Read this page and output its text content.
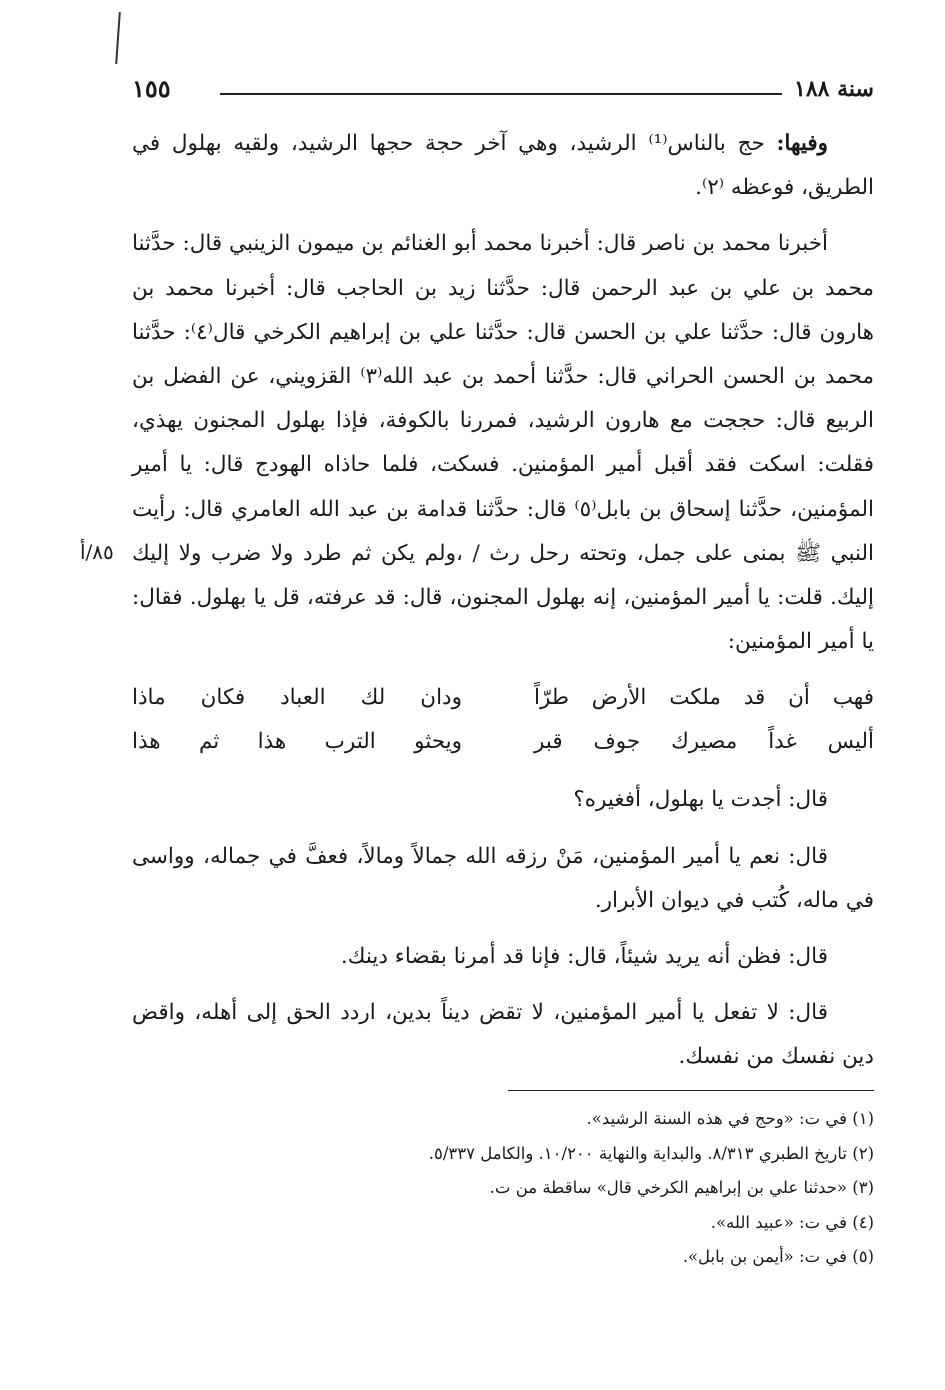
سنة ١٨٨
١٥٥
٨٥/أ

وفيها: حج بالناس⁽¹⁾ الرشيد، وهي آخر حجة حجها الرشيد، ولقيه بهلول في الطريق، فوعظه ⁽٢⁾.

أخبرنا محمد بن ناصر قال: أخبرنا محمد أبو الغنائم بن ميمون الزينبي قال: حدَّثنا محمد بن علي بن عبد الرحمن قال: حدَّثنا زيد بن الحاجب قال: أخبرنا محمد بن هارون قال: حدَّثنا علي بن الحسن قال: حدَّثنا علي بن إبراهيم الكرخي قال⁽٤⁾: حدَّثنا محمد بن الحسن الحراني قال: حدَّثنا أحمد بن عبد الله⁽٣⁾ القزويني، عن الفضل بن الربيع قال: حججت مع هارون الرشيد، فمررنا بالكوفة، فإذا بهلول المجنون يهذي، فقلت: اسكت فقد أقبل أمير المؤمنين. فسكت، فلما حاذاه الهودج قال: يا أمير المؤمنين، حدَّثنا إسحاق بن بابل⁽٥⁾ قال: حدَّثنا قدامة بن عبد الله العامري قال: رأيت النبي ﷺ بمنى على جمل، وتحته رحل رث / ،ولم يكن ثم طرد ولا ضرب ولا إليك إليك. قلت: يا أمير المؤمنين، إنه بهلول المجنون، قال: قد عرفته، قل يا بهلول. فقال: يا أمير المؤمنين:

فهب أن قد ملكت الأرض طرّاً
ودان لك العباد فكان ماذا
أليس غداً مصيرك جوف قبر
ويحثو الترب هذا ثم هذا

قال: أجدت يا بهلول، أفغيره؟

قال: نعم يا أمير المؤمنين، مَنْ رزقه الله جمالاً ومالاً، فعفَّ في جماله، وواسى في ماله، كُتب في ديوان الأبرار.

قال: فظن أنه يريد شيئاً، قال: فإنا قد أمرنا بقضاء دينك.

قال: لا تفعل يا أمير المؤمنين، لا تقض ديناً بدين، اردد الحق إلى أهله، واقض دين نفسك من نفسك.

(١) في ت: «وحج في هذه السنة الرشيد».

(٢) تاريخ الطبري ٨/٣١٣. والبداية والنهاية ١٠/٢٠٠. والكامل ٥/٣٣٧.

(٣) «حدثنا علي بن إبراهيم الكرخي قال» ساقطة من ت.

(٤) في ت: «عبيد الله».

(٥) في ت: «أيمن بن بابل».
